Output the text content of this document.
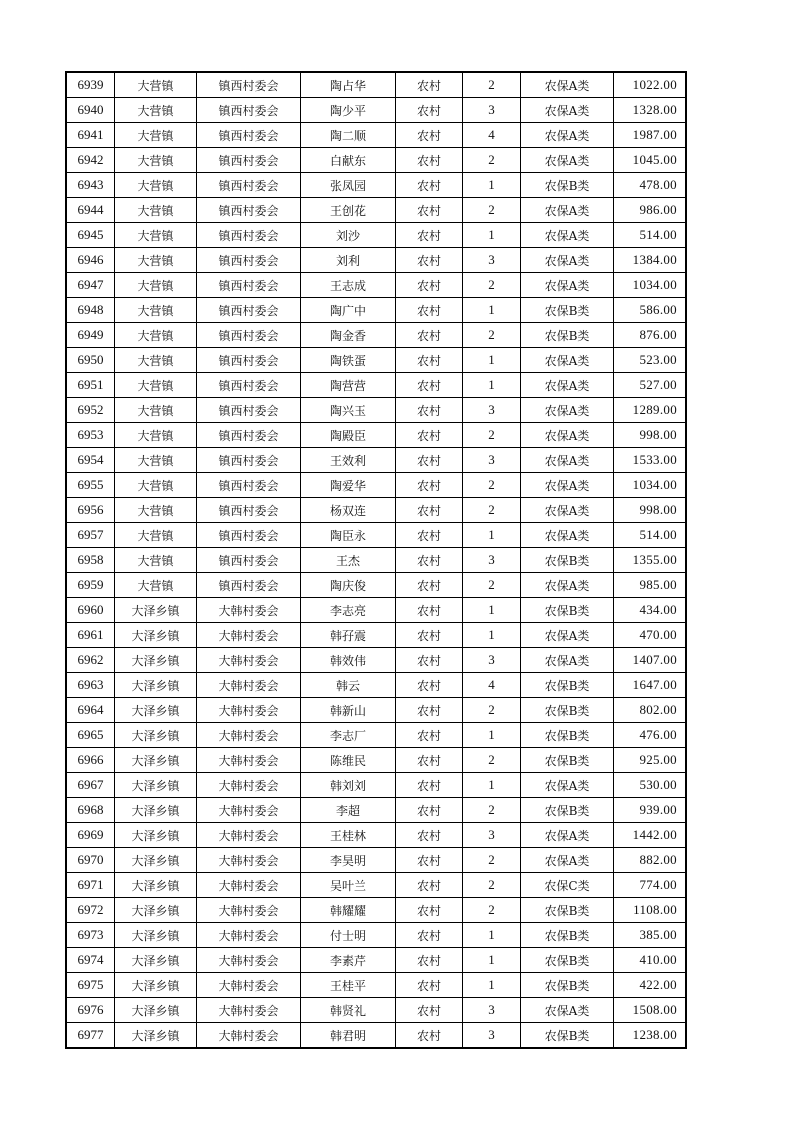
6939	大营镇	镇西村委会	陶占华	农村	2	农保A类	1022.00
6940	大营镇	镇西村委会	陶少平	农村	3	农保A类	1328.00
6941	大营镇	镇西村委会	陶二顺	农村	4	农保A类	1987.00
6942	大营镇	镇西村委会	白献东	农村	2	农保A类	1045.00
6943	大营镇	镇西村委会	张凤园	农村	1	农保B类	478.00
6944	大营镇	镇西村委会	王创花	农村	2	农保A类	986.00
6945	大营镇	镇西村委会	刘沙	农村	1	农保A类	514.00
6946	大营镇	镇西村委会	刘利	农村	3	农保A类	1384.00
6947	大营镇	镇西村委会	王志成	农村	2	农保A类	1034.00
6948	大营镇	镇西村委会	陶广中	农村	1	农保B类	586.00
6949	大营镇	镇西村委会	陶金香	农村	2	农保B类	876.00
6950	大营镇	镇西村委会	陶铁蛋	农村	1	农保A类	523.00
6951	大营镇	镇西村委会	陶营营	农村	1	农保A类	527.00
6952	大营镇	镇西村委会	陶兴玉	农村	3	农保A类	1289.00
6953	大营镇	镇西村委会	陶殿臣	农村	2	农保A类	998.00
6954	大营镇	镇西村委会	王效利	农村	3	农保A类	1533.00
6955	大营镇	镇西村委会	陶爱华	农村	2	农保A类	1034.00
6956	大营镇	镇西村委会	杨双连	农村	2	农保A类	998.00
6957	大营镇	镇西村委会	陶臣永	农村	1	农保A类	514.00
6958	大营镇	镇西村委会	王杰	农村	3	农保B类	1355.00
6959	大营镇	镇西村委会	陶庆俊	农村	2	农保A类	985.00
6960	大泽乡镇	大韩村委会	李志亮	农村	1	农保B类	434.00
6961	大泽乡镇	大韩村委会	韩孖震	农村	1	农保A类	470.00
6962	大泽乡镇	大韩村委会	韩效伟	农村	3	农保A类	1407.00
6963	大泽乡镇	大韩村委会	韩云	农村	4	农保B类	1647.00
6964	大泽乡镇	大韩村委会	韩新山	农村	2	农保B类	802.00
6965	大泽乡镇	大韩村委会	李志厂	农村	1	农保B类	476.00
6966	大泽乡镇	大韩村委会	陈维民	农村	2	农保B类	925.00
6967	大泽乡镇	大韩村委会	韩刘刘	农村	1	农保A类	530.00
6968	大泽乡镇	大韩村委会	李超	农村	2	农保B类	939.00
6969	大泽乡镇	大韩村委会	王桂林	农村	3	农保A类	1442.00
6970	大泽乡镇	大韩村委会	李昊明	农村	2	农保A类	882.00
6971	大泽乡镇	大韩村委会	吴叶兰	农村	2	农保C类	774.00
6972	大泽乡镇	大韩村委会	韩耀耀	农村	2	农保B类	1108.00
6973	大泽乡镇	大韩村委会	付士明	农村	1	农保B类	385.00
6974	大泽乡镇	大韩村委会	李素芹	农村	1	农保B类	410.00
6975	大泽乡镇	大韩村委会	王桂平	农村	1	农保B类	422.00
6976	大泽乡镇	大韩村委会	韩贤礼	农村	3	农保A类	1508.00
6977	大泽乡镇	大韩村委会	韩君明	农村	3	农保B类	1238.00
